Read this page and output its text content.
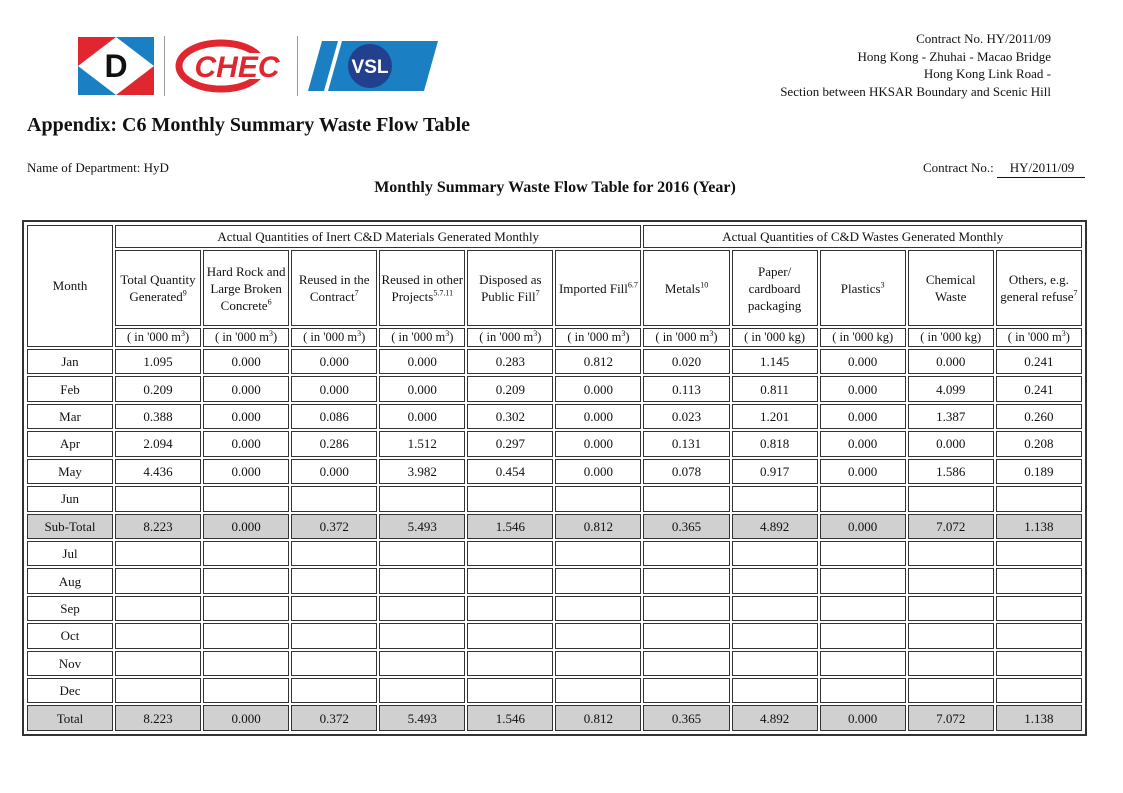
D CHEC	VSL
Contract No. HY/2011/09
Hong Kong - Zhuhai - Macao Bridge
Hong Kong Link Road -
Section between HKSAR Boundary and Scenic Hill
Appendix: C6 Monthly Summary Waste Flow Table
Name of Department: HyD	Contract No.: HY/2011/09
Monthly Summary Waste Flow Table for 2016 (Year)
Month	Actual Quantities of Inert C&D Materials Generated Monthly						Actual Quantities of C&D Wastes Generated Monthly				
	Total Quantity Generated$^9$	Hard Rock and Large Broken Concrete$^6$	Reused in the Contract$^7$	Reused in other Projects$^{5.7.11}$	Disposed as Public Fill$^7$	Imported Fill$^{6.7}$	Metals$^{10}$	Paper/ cardboard packaging	Plastics$^3$	Chemical Waste	Others, e.g. general refuse$^7$
	( in '000 $m^3$)	( in '000 $m^3$)	( in '000 $m^3$)	( in '000 $m^3$)	( in '000 $m^3$)	( in '000 $m^3$)	( in '000 $m^3$)	( in '000 kg)	( in '000 kg)	( in '000 kg)	( in '000 $m^3$)
Jan	1.095	0.000	0.000	0.000	0.283	0.812	0.020	1.145	0.000	0.000	0.241
Feb	0.209	0.000	0.000	0.000	0.209	0.000	0.113	0.811	0.000	4.099	0.241
Mar	0.388	0.000	0.086	0.000	0.302	0.000	0.023	1.201	0.000	1.387	0.260
Apr	2.094	0.000	0.286	1.512	0.297	0.000	0.131	0.818	0.000	0.000	0.208
May	4.436	0.000	0.000	3.982	0.454	0.000	0.078	0.917	0.000	1.586	0.189
Jun											
Sub-Total	8.223	0.000	0.372	5.493	1.546	0.812	0.365	4.892	0.000	7.072	1.138
Jul											
Aug											
Sep											
Oct											
Nov											
Dec											
Total	8.223	0.000	0.372	5.493	1.546	0.812	0.365	4.892	0.000	7.072	1.138
